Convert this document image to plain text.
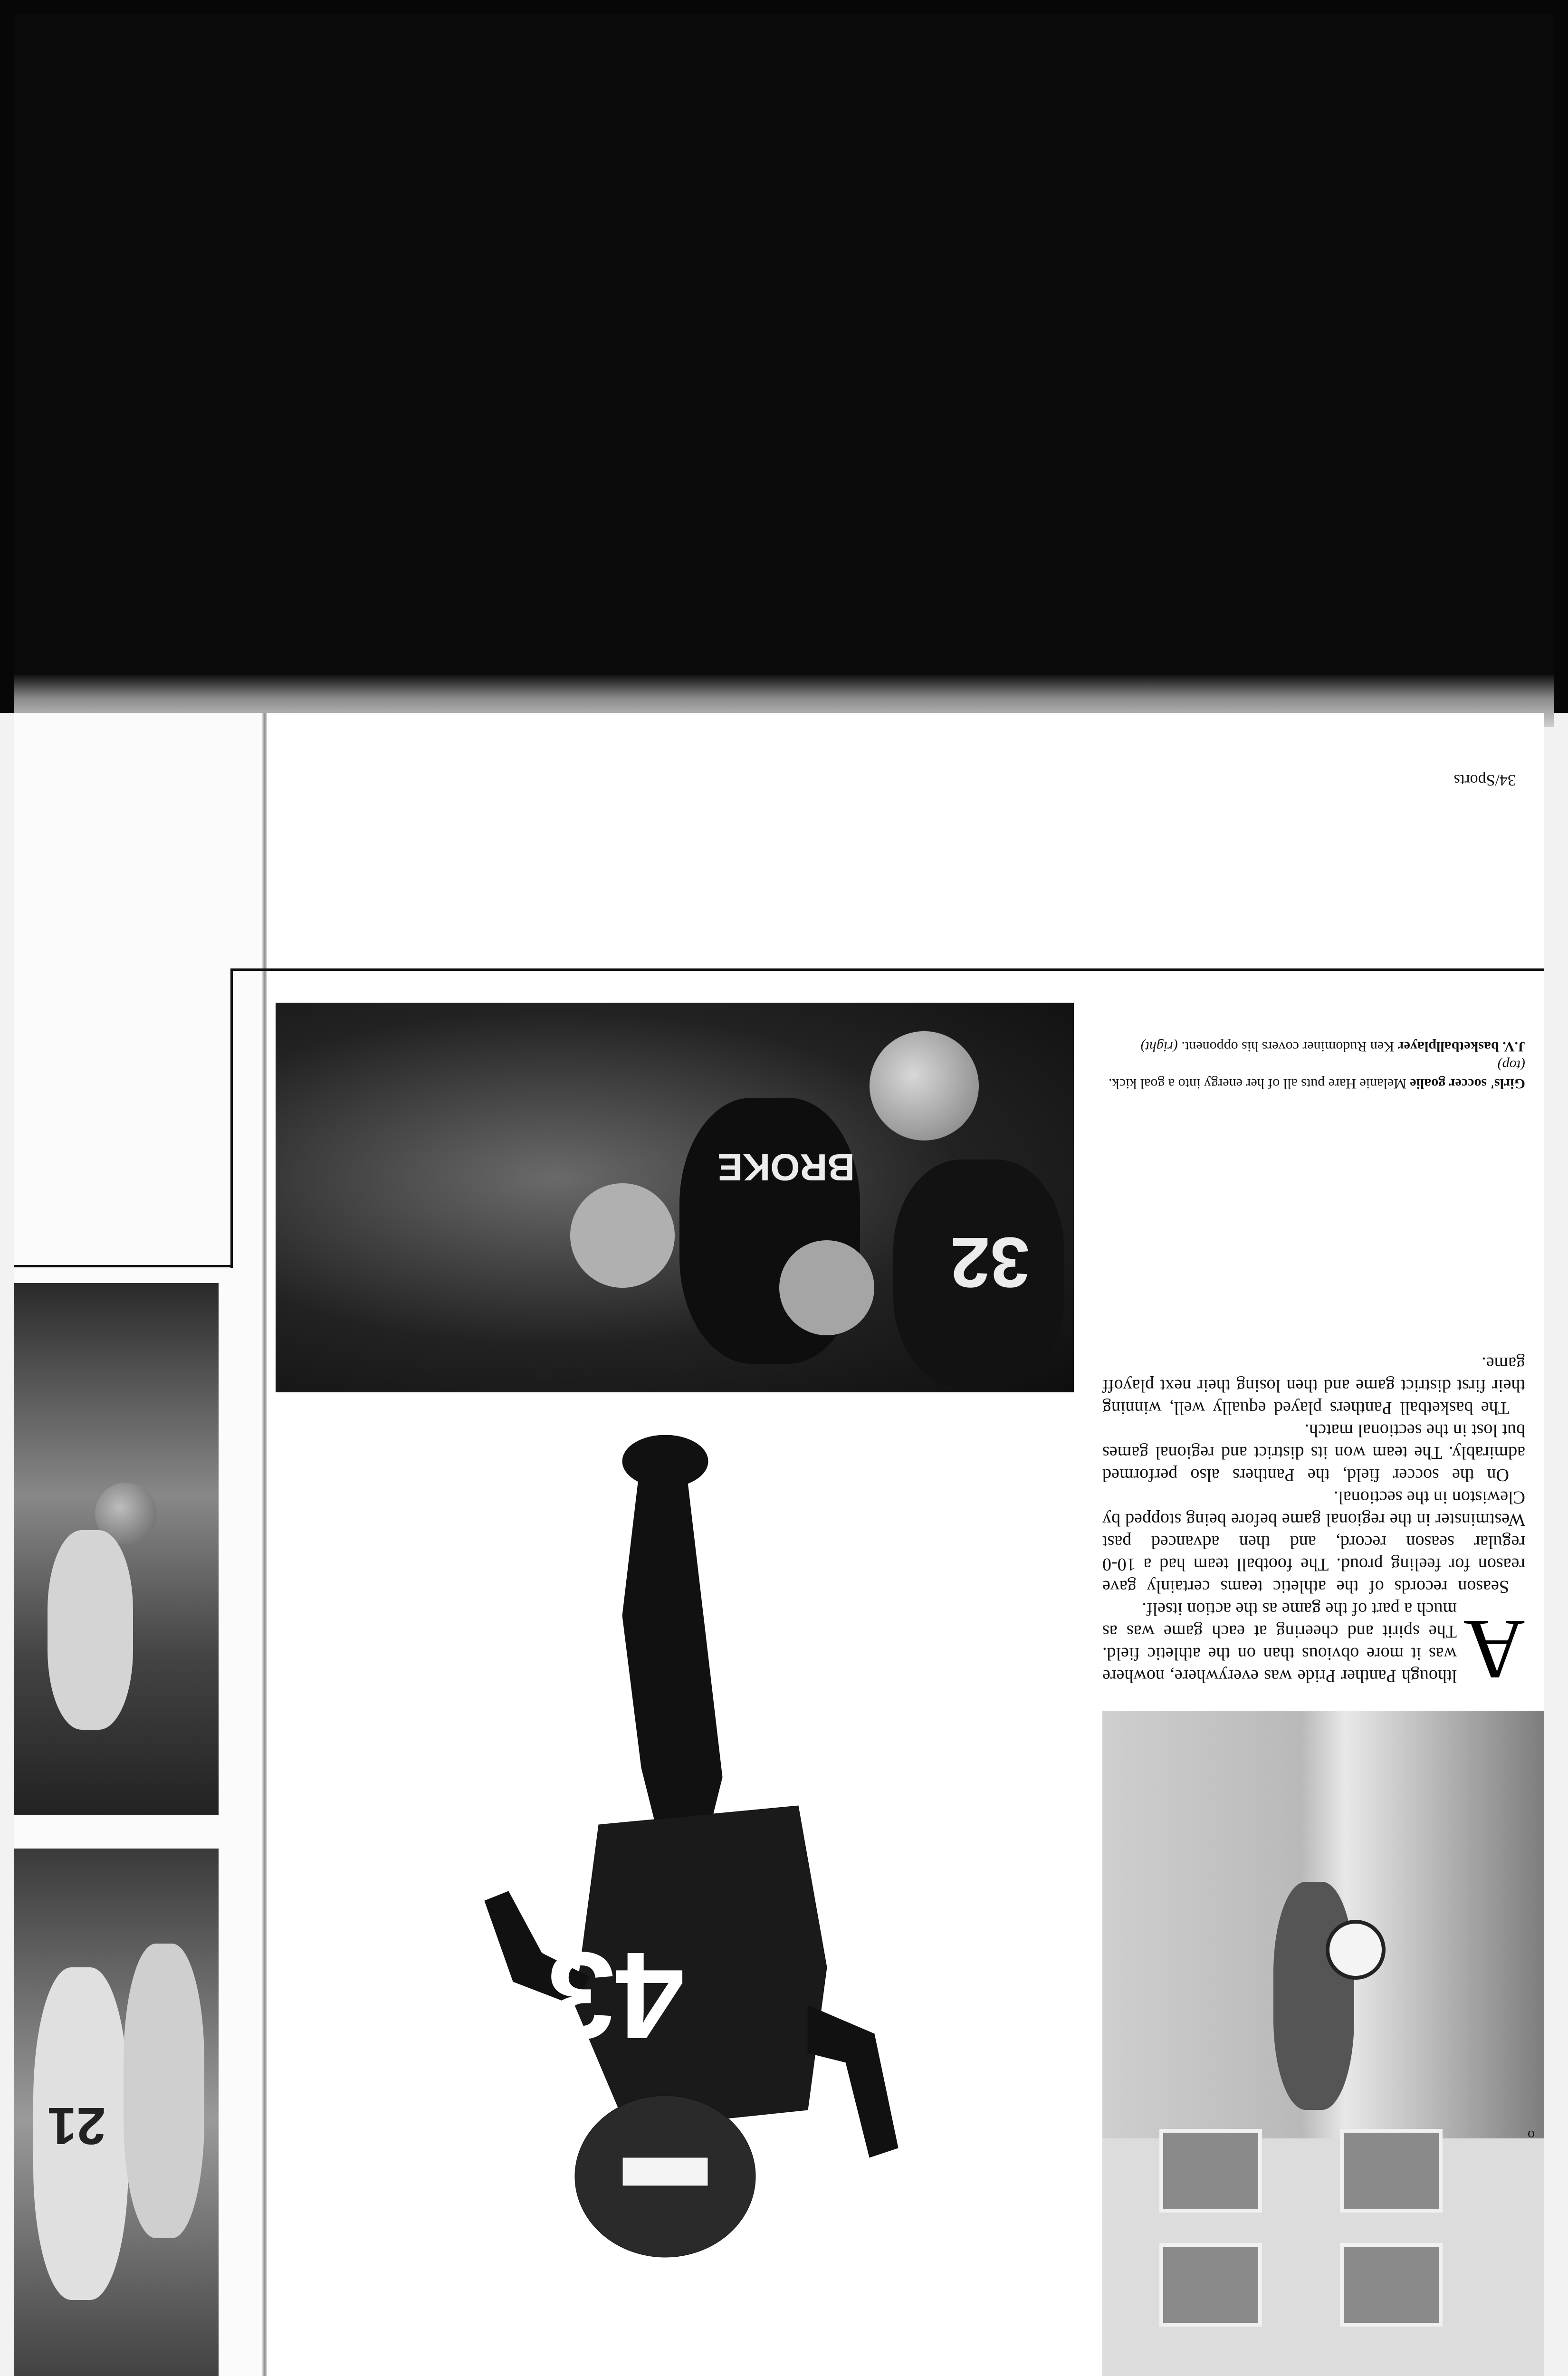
32
BROKE
21
43

A
lthough Panther Pride was everywhere, nowhere was it more obvious than on the athletic field. The spirit and cheering at each game was as much a part of the game as the action itself.

Season records of the athletic teams certainly gave reason for feeling proud. The football team had a 10-0 regular season record, and then advanced past Westminster in the regional game before being stopped by Clewiston in the sectional.

On the soccer field, the Panthers also performed admirably. The team won its district and regional games but lost in the sectional match.

The basketball Panthers played equally well, winning their first district game and then losing their next playoff game.

Girls' soccer goalie Melanie Hare puts all of her energy into a goal kick. (top)
J.V. basketballplayer Ken Rudominer covers his opponent. (right)
34/Sports
o
